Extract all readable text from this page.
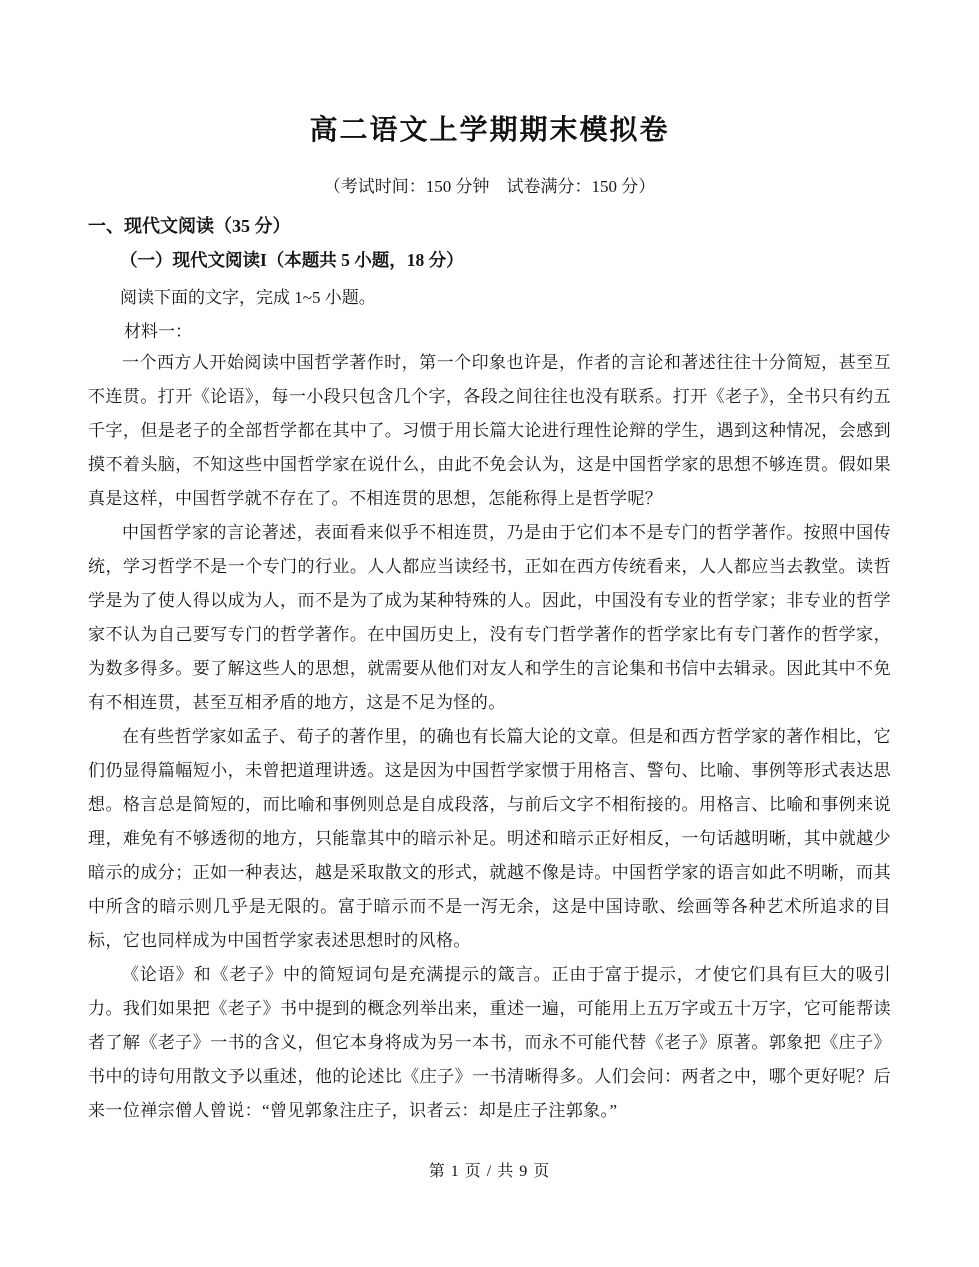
高二语文上学期期末模拟卷
（考试时间：150 分钟　试卷满分：150 分）
一、现代文阅读（35 分）
（一）现代文阅读I（本题共 5 小题，18 分）
阅读下面的文字，完成 1~5 小题。
材料一：

一个西方人开始阅读中国哲学著作时，第一个印象也许是，作者的言论和著述往往十分简短，甚至互不连贯。打开《论语》，每一小段只包含几个字，各段之间往往也没有联系。打开《老子》，全书只有约五千字，但是老子的全部哲学都在其中了。习惯于用长篇大论进行理性论辩的学生，遇到这种情况，会感到摸不着头脑，不知这些中国哲学家在说什么，由此不免会认为，这是中国哲学家的思想不够连贯。假如果真是这样，中国哲学就不存在了。不相连贯的思想，怎能称得上是哲学呢？

中国哲学家的言论著述，表面看来似乎不相连贯，乃是由于它们本不是专门的哲学著作。按照中国传统，学习哲学不是一个专门的行业。人人都应当读经书，正如在西方传统看来，人人都应当去教堂。读哲学是为了使人得以成为人，而不是为了成为某种特殊的人。因此，中国没有专业的哲学家；非专业的哲学家不认为自己要写专门的哲学著作。在中国历史上，没有专门哲学著作的哲学家比有专门著作的哲学家，为数多得多。要了解这些人的思想，就需要从他们对友人和学生的言论集和书信中去辑录。因此其中不免有不相连贯，甚至互相矛盾的地方，这是不足为怪的。

在有些哲学家如孟子、荀子的著作里，的确也有长篇大论的文章。但是和西方哲学家的著作相比，它们仍显得篇幅短小，未曾把道理讲透。这是因为中国哲学家惯于用格言、警句、比喻、事例等形式表达思想。格言总是简短的，而比喻和事例则总是自成段落，与前后文字不相衔接的。用格言、比喻和事例来说理，难免有不够透彻的地方，只能靠其中的暗示补足。明述和暗示正好相反，一句话越明晰，其中就越少暗示的成分；正如一种表达，越是采取散文的形式，就越不像是诗。中国哲学家的语言如此不明晰，而其中所含的暗示则几乎是无限的。富于暗示而不是一泻无余，这是中国诗歌、绘画等各种艺术所追求的目标，它也同样成为中国哲学家表述思想时的风格。

《论语》和《老子》中的简短词句是充满提示的箴言。正由于富于提示，才使它们具有巨大的吸引力。我们如果把《老子》书中提到的概念列举出来，重述一遍，可能用上五万字或五十万字，它可能帮读者了解《老子》一书的含义，但它本身将成为另一本书，而永不可能代替《老子》原著。郭象把《庄子》书中的诗句用散文予以重述，他的论述比《庄子》一书清晰得多。人们会问：两者之中，哪个更好呢？后来一位禅宗僧人曾说：“曾见郭象注庄子，识者云：却是庄子注郭象。”

第 1 页 / 共 9 页
